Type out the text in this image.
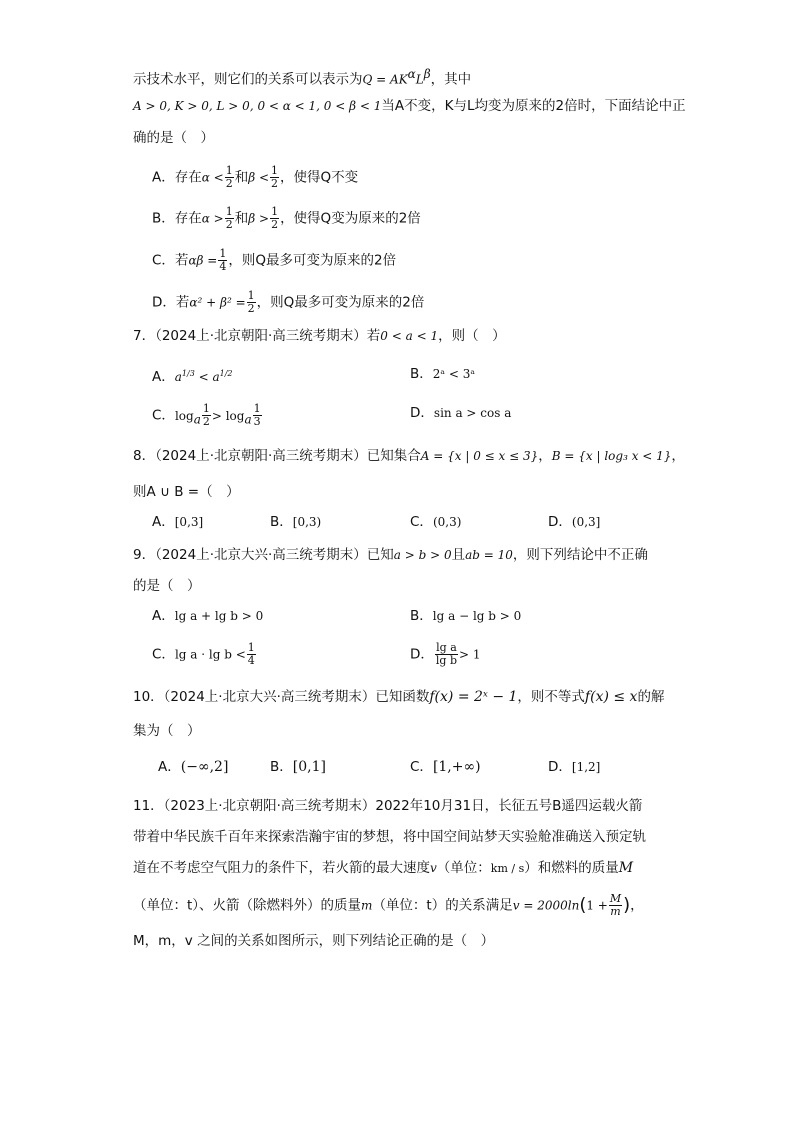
示技术水平，则它们的关系可以表示为$Q = AK^\alpha L^\beta$，其中
A > 0, K > 0, L > 0, 0 < α < 1, 0 < β < 1当A不变，K与L均变为原来的2倍时，下面结论中正
确的是（　）
A．存在$\alpha < \frac{1}{2}$ 和$\beta < \frac{1}{2}$ ，使得Q不变
B．存在$\alpha > \frac{1}{2}$ 和$\beta > \frac{1}{2}$ ，使得Q变为原来的2倍
C．若$\alpha\beta = \frac{1}{4}$ ，则Q最多可变为原来的2倍
D．若$\alpha^2 + \beta^2 = \frac{1}{2}$ ，则Q最多可变为原来的2倍
7．（2024上·北京朝阳·高三统考期末）若0 < a < 1，则（　）
A．$a^{1/3} < a^{1/2}$	B．2ᵃ < 3ᵃ
C．$\log_a \frac{1}{2} > \log_a \frac{1}{3}$	D．sin a > cos a
8．（2024上·北京朝阳·高三统考期末）已知集合A = {x | 0 ≤ x ≤ 3}，B = {x | log₃ x < 1}，
则A ∪ B =（　）
A．[0,3]	B．[0,3)	C．(0,3)	D．(0,3]
9．（2024上·北京大兴·高三统考期末）已知a > b > 0且ab = 10，则下列结论中不正确
的是（　）
A．lg a + lg b > 0	B．lg a − lg b > 0
C．$\lg a \cdot \lg b < \frac{1}{4}$	D． $\frac{\text{lg a}}{\text{lg b}} > 1$
10．（2024上·北京大兴·高三统考期末）已知函数f(x) = 2ˣ − 1，则不等式f(x) ≤ x的解
集为（　）
A．(−∞,2]	B．[0,1]	C．[1,+∞)	D．[1,2]
11．（2023上·北京朝阳·高三统考期末）2022年10月31日，长征五号B遥四运载火箭
带着中华民族千百年来探索浩瀚宇宙的梦想，将中国空间站梦天实验舱准确送入预定轨
道在不考虑空气阻力的条件下，若火箭的最大速度v（单位：km / s）和燃料的质量M
（单位：t）、火箭（除燃料外）的质量m（单位：t）的关系满足$v = 2000\ln(1 + \frac{M}{m}$ )，
M，m，v 之间的关系如图所示，则下列结论正确的是（　）
